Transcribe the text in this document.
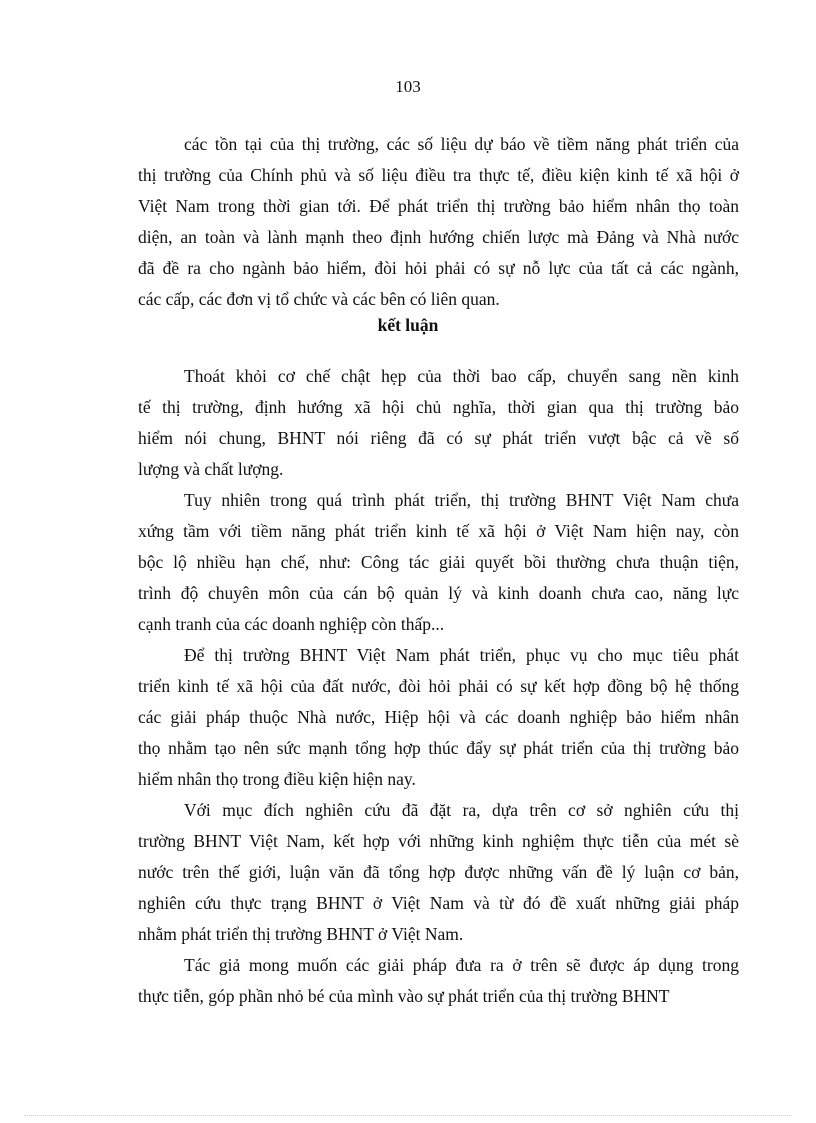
103
các tồn tại của thị trường, các số liệu dự báo về tiềm năng phát triển của
thị trường của Chính phủ và số liệu điều tra thực tế, điều kiện kinh tế xã hội ở
Việt Nam trong thời gian tới. Để phát triển thị trường bảo hiểm nhân thọ toàn
diện, an toàn và lành mạnh theo định hướng chiến lược mà Đảng và Nhà nước
đã đề ra cho ngành bảo hiểm, đòi hỏi phải có sự nỗ lực của tất cả các ngành,
các cấp, các đơn vị tổ chức và các bên có liên quan.
kết luận
Thoát khỏi cơ chế chật hẹp của thời bao cấp, chuyển sang nền kinh
tế thị trường, định hướng xã hội chủ nghĩa, thời gian qua thị trường bảo
hiểm nói chung, BHNT nói riêng đã có sự phát triển vượt bậc cả về số
lượng và chất lượng.
Tuy nhiên trong quá trình phát triển, thị trường BHNT Việt Nam chưa
xứng tầm với tiềm năng phát triển kinh tế xã hội ở Việt Nam hiện nay, còn
bộc lộ nhiều hạn chế, như: Công tác giải quyết bồi thường chưa thuận tiện,
trình độ chuyên môn của cán bộ quản lý và kinh doanh chưa cao, năng lực
cạnh tranh của các doanh nghiệp còn thấp...
Để thị trường BHNT Việt Nam phát triển, phục vụ cho mục tiêu phát
triển kinh tế xã hội của đất nước, đòi hỏi phải có sự kết hợp đồng bộ hệ thống
các giải pháp thuộc Nhà nước, Hiệp hội và các doanh nghiệp bảo hiểm nhân
thọ nhằm tạo nên sức mạnh tổng hợp thúc đẩy sự phát triển của thị trường bảo
hiểm nhân thọ trong điều kiện hiện nay.
Với mục đích nghiên cứu đã đặt ra, dựa trên cơ sở nghiên cứu thị
trường BHNT Việt Nam, kết hợp với những kinh nghiệm thực tiễn của mét sè
nước trên thế giới, luận văn đã tổng hợp được những vấn đề lý luận cơ bản,
nghiên cứu thực trạng BHNT ở Việt Nam và từ đó đề xuất những giải pháp
nhằm phát triển thị trường BHNT ở Việt Nam.
Tác giả mong muốn các giải pháp đưa ra ở trên sẽ được áp dụng trong
thực tiễn, góp phần nhỏ bé của mình vào sự phát triển của thị trường BHNT
